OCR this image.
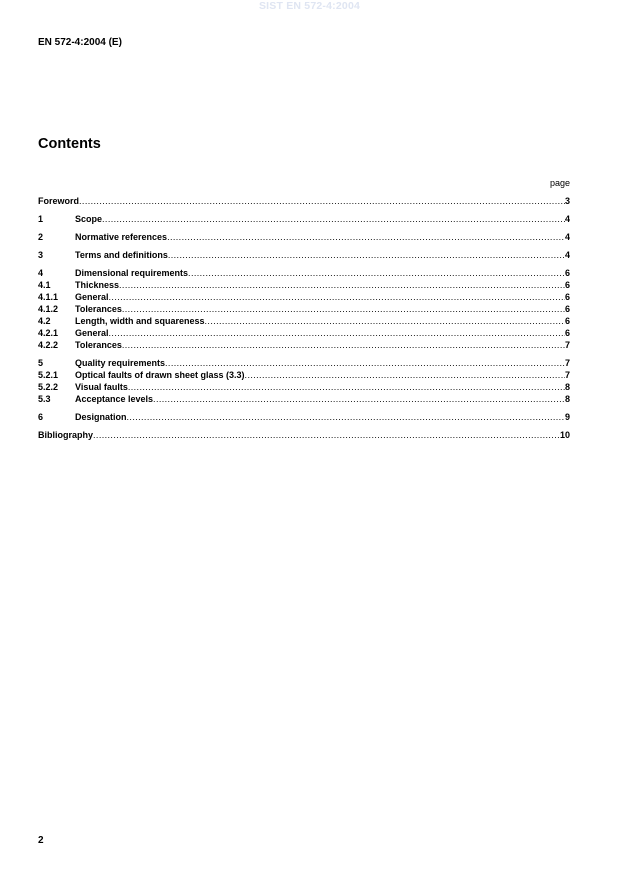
SIST EN 572-4:2004
EN 572-4:2004 (E)
Contents
page
Foreword .....	3
1	Scope .....	4
2	Normative references .....	4
3	Terms and definitions .....	4
4	Dimensional requirements .....	6
4.1	Thickness .....	6
4.1.1	General .....	6
4.1.2	Tolerances .....	6
4.2	Length, width and squareness .....	6
4.2.1	General .....	6
4.2.2	Tolerances .....	7
5	Quality requirements .....	7
5.2.1	Optical faults of drawn sheet glass (3.3) .....	7
5.2.2	Visual faults .....	8
5.3	Acceptance levels .....	8
6	Designation .....	9
Bibliography .....	10
2
